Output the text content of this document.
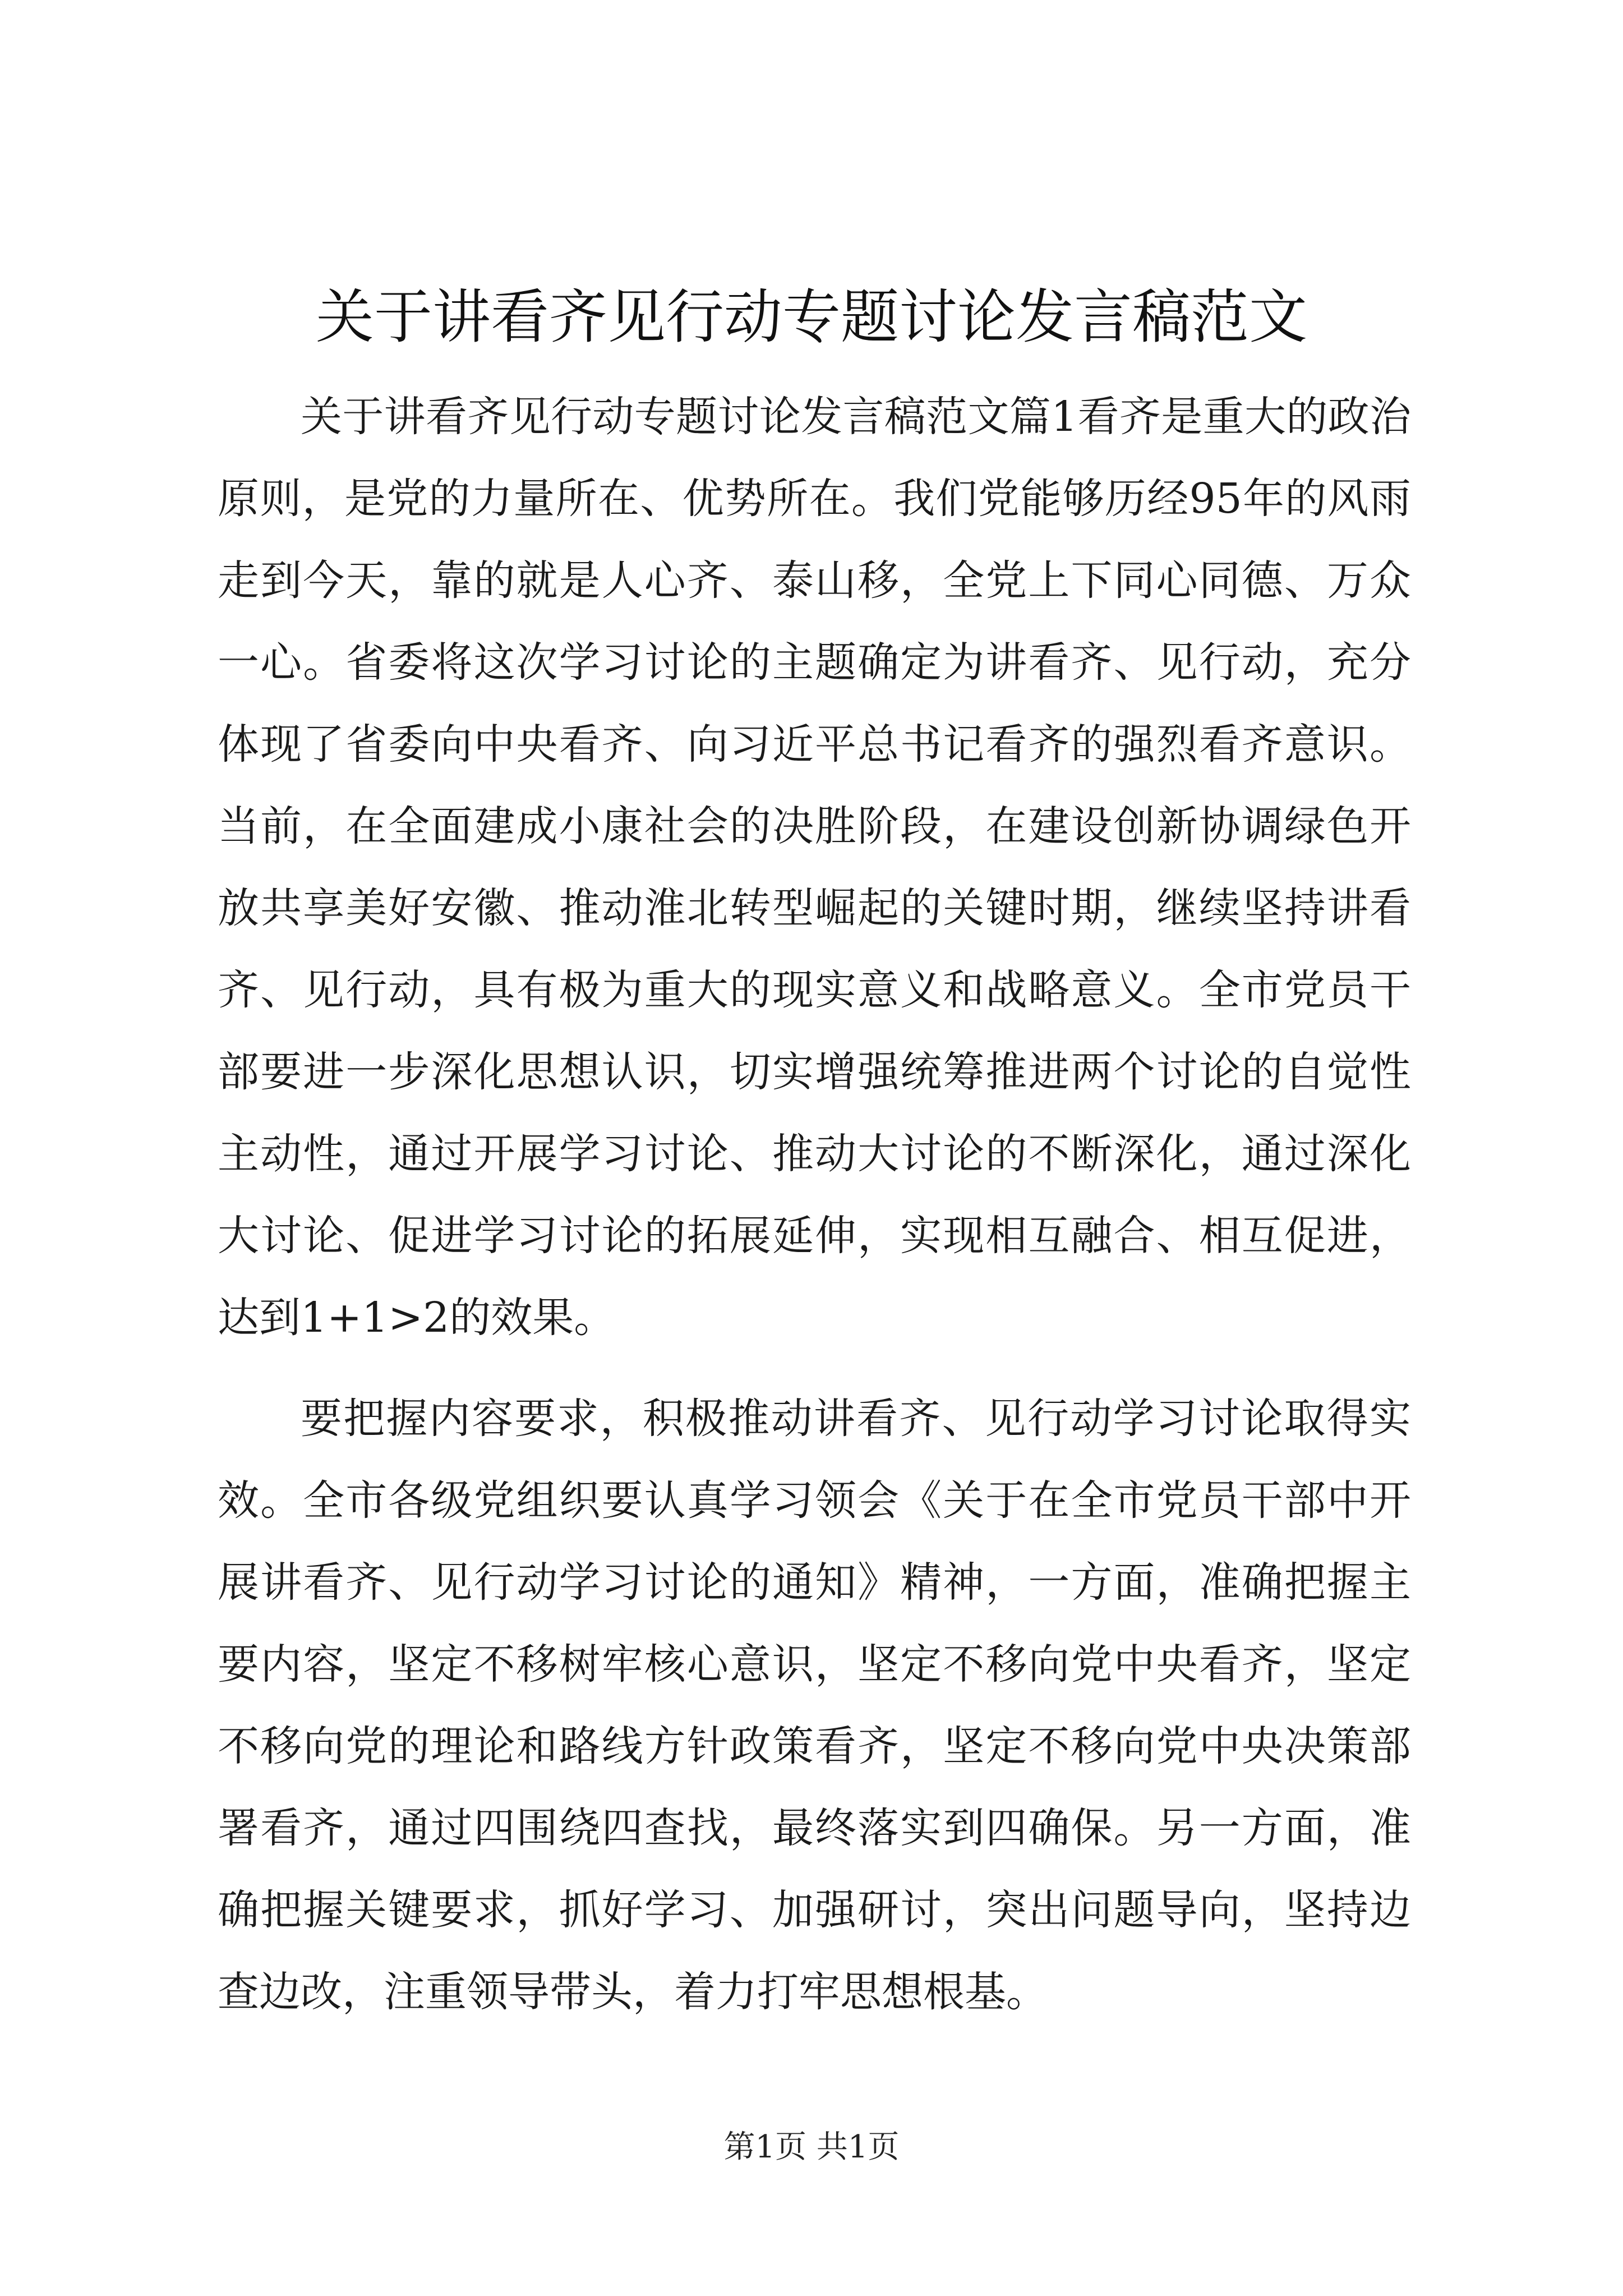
关于讲看齐见行动专题讨论发言稿范文

关于讲看齐见行动专题讨论发言稿范文篇1看齐是重大的政治原则，是党的力量所在、优势所在。我们党能够历经95年的风雨走到今天，靠的就是人心齐、泰山移，全党上下同心同德、万众一心。省委将这次学习讨论的主题确定为讲看齐、见行动，充分体现了省委向中央看齐、向习近平总书记看齐的强烈看齐意识。当前，在全面建成小康社会的决胜阶段，在建设创新协调绿色开放共享美好安徽、推动淮北转型崛起的关键时期，继续坚持讲看齐、见行动，具有极为重大的现实意义和战略意义。全市党员干部要进一步深化思想认识，切实增强统筹推进两个讨论的自觉性主动性，通过开展学习讨论、推动大讨论的不断深化，通过深化大讨论、促进学习讨论的拓展延伸，实现相互融合、相互促进，达到1+1>2的效果。

要把握内容要求，积极推动讲看齐、见行动学习讨论取得实效。全市各级党组织要认真学习领会《关于在全市党员干部中开展讲看齐、见行动学习讨论的通知》精神，一方面，准确把握主要内容，坚定不移树牢核心意识，坚定不移向党中央看齐，坚定不移向党的理论和路线方针政策看齐，坚定不移向党中央决策部署看齐，通过四围绕四查找，最终落实到四确保。另一方面，准确把握关键要求，抓好学习、加强研讨，突出问题导向，坚持边查边改，注重领导带头，着力打牢思想根基。

第1页 共1页
